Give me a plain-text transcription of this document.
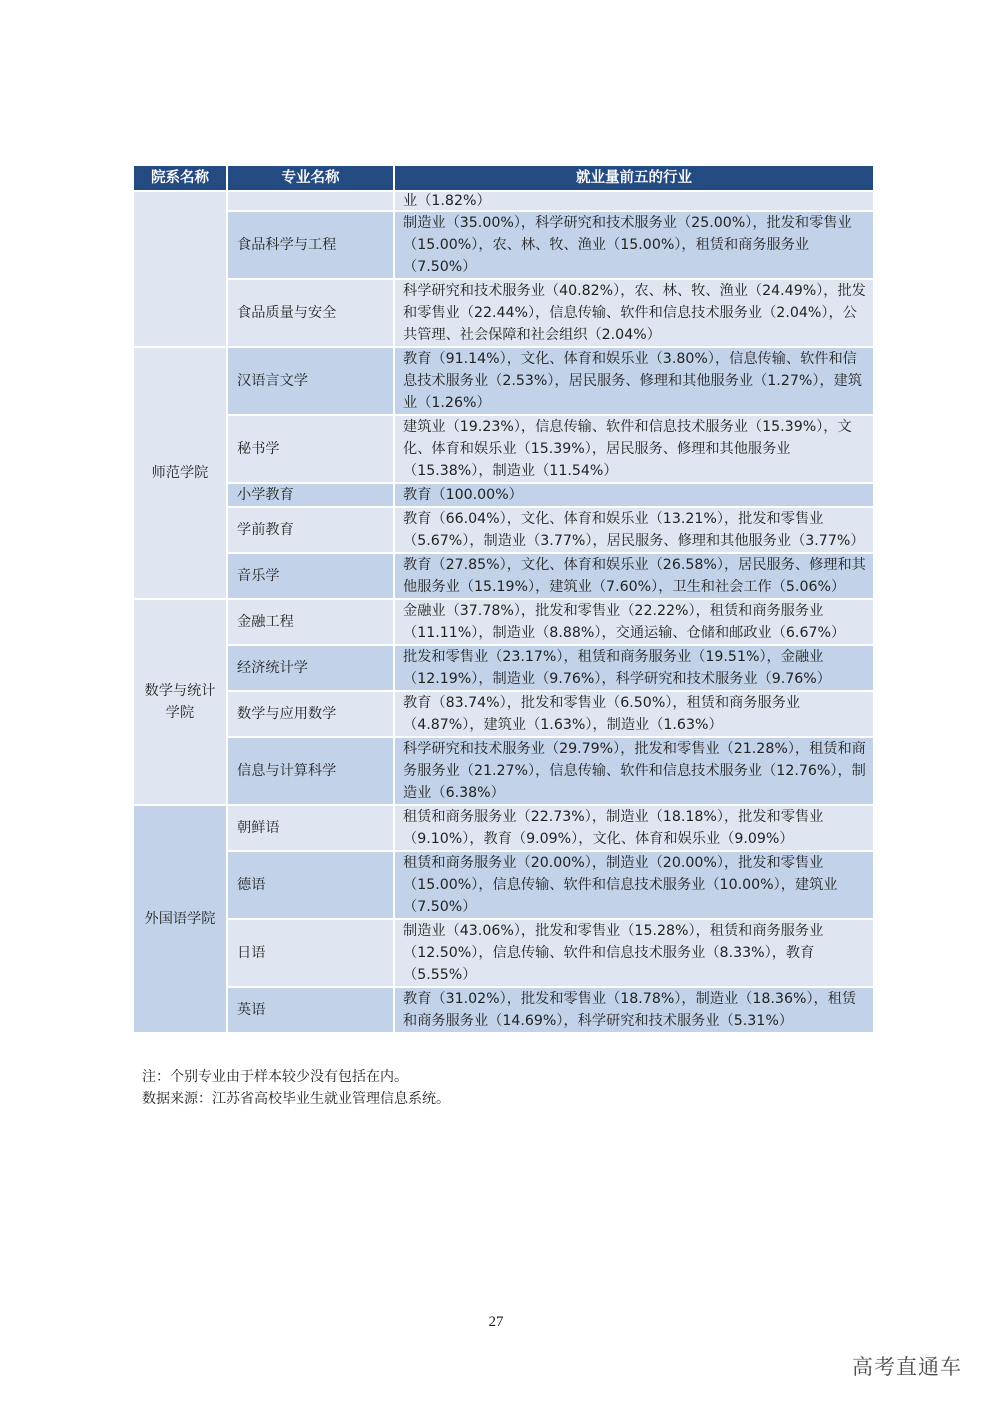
院系名称	专业名称	就业量前五的行业
		业（1.82%）
	食品科学与工程	制造业（35.00%），科学研究和技术服务业（25.00%），批发和零售业（15.00%），农、林、牧、渔业（15.00%），租赁和商务服务业（7.50%）
	食品质量与安全	科学研究和技术服务业（40.82%），农、林、牧、渔业（24.49%），批发和零售业（22.44%），信息传输、软件和信息技术服务业（2.04%），公共管理、社会保障和社会组织（2.04%）
师范学院	汉语言文学	教育（91.14%），文化、体育和娱乐业（3.80%），信息传输、软件和信息技术服务业（2.53%），居民服务、修理和其他服务业（1.27%），建筑业（1.26%）
	秘书学	建筑业（19.23%），信息传输、软件和信息技术服务业（15.39%），文化、体育和娱乐业（15.39%），居民服务、修理和其他服务业（15.38%），制造业（11.54%）
	小学教育	教育（100.00%）
	学前教育	教育（66.04%），文化、体育和娱乐业（13.21%），批发和零售业（5.67%），制造业（3.77%），居民服务、修理和其他服务业（3.77%）
	音乐学	教育（27.85%），文化、体育和娱乐业（26.58%），居民服务、修理和其他服务业（15.19%），建筑业（7.60%），卫生和社会工作（5.06%）
数学与统计学院	金融工程	金融业（37.78%），批发和零售业（22.22%），租赁和商务服务业（11.11%），制造业（8.88%），交通运输、仓储和邮政业（6.67%）
	经济统计学	批发和零售业（23.17%），租赁和商务服务业（19.51%），金融业（12.19%），制造业（9.76%），科学研究和技术服务业（9.76%）
	数学与应用数学	教育（83.74%），批发和零售业（6.50%），租赁和商务服务业（4.87%），建筑业（1.63%），制造业（1.63%）
	信息与计算科学	科学研究和技术服务业（29.79%），批发和零售业（21.28%），租赁和商务服务业（21.27%），信息传输、软件和信息技术服务业（12.76%），制造业（6.38%）
外国语学院	朝鲜语	租赁和商务服务业（22.73%），制造业（18.18%），批发和零售业（9.10%），教育（9.09%），文化、体育和娱乐业（9.09%）
	德语	租赁和商务服务业（20.00%），制造业（20.00%），批发和零售业（15.00%），信息传输、软件和信息技术服务业（10.00%），建筑业（7.50%）
	日语	制造业（43.06%），批发和零售业（15.28%），租赁和商务服务业（12.50%），信息传输、软件和信息技术服务业（8.33%），教育（5.55%）
	英语	教育（31.02%），批发和零售业（18.78%），制造业（18.36%），租赁和商务服务业（14.69%），科学研究和技术服务业（5.31%）
注：个别专业由于样本较少没有包括在内。
数据来源：江苏省高校毕业生就业管理信息系统。
27
高考直通车
